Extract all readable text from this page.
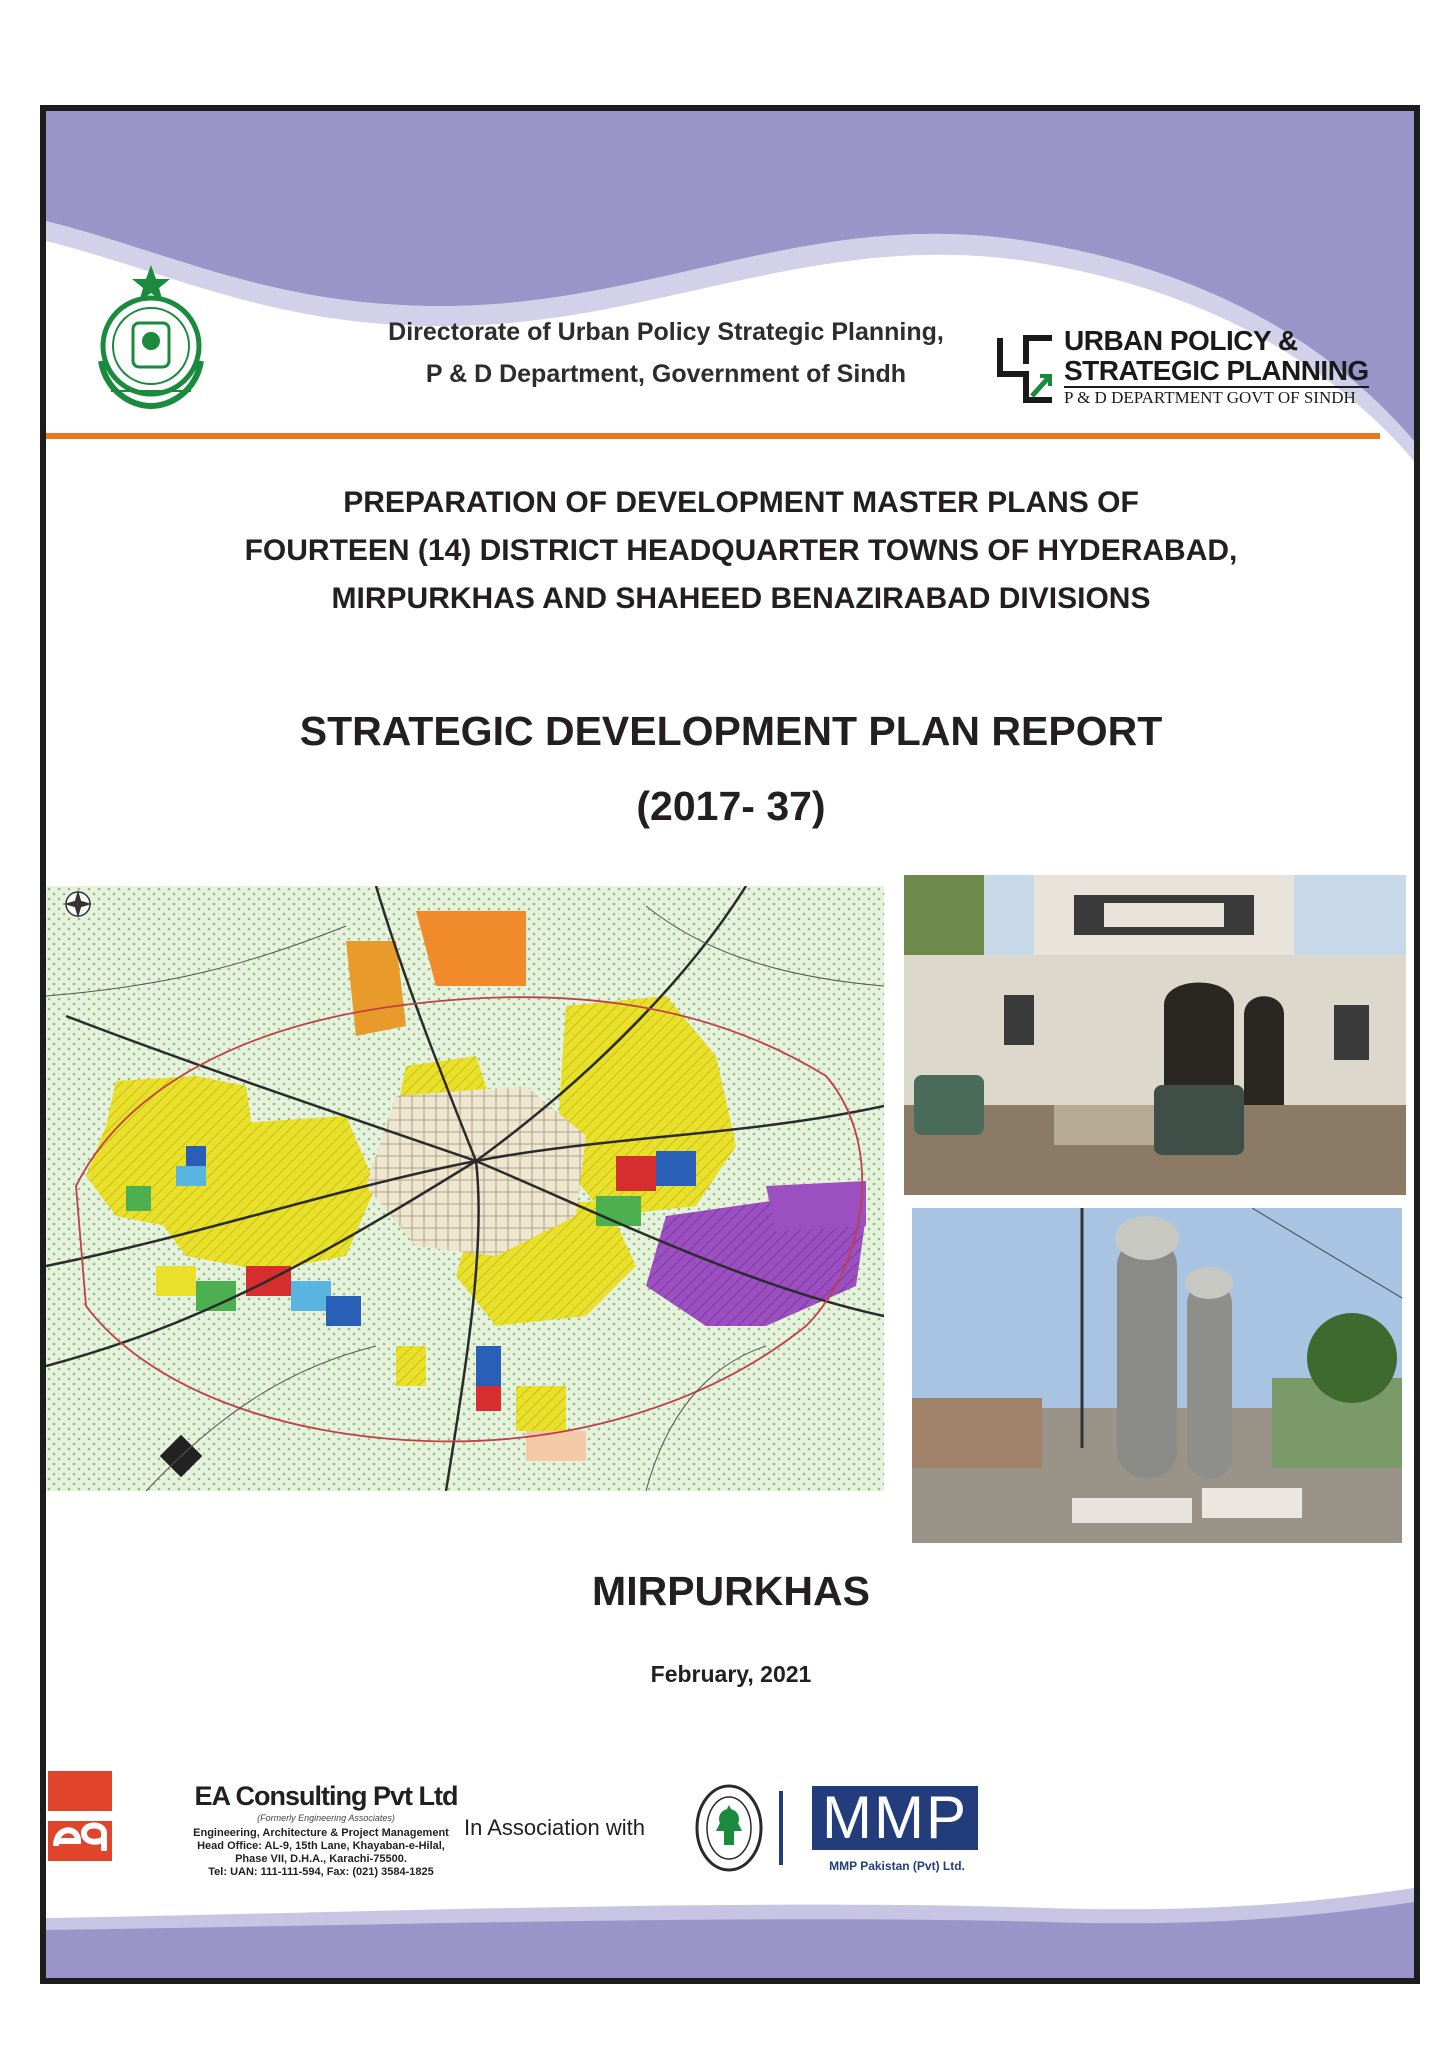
Directorate of Urban Policy Strategic Planning,
P & D Department, Government of Sindh
URBAN POLICY &
STRATEGIC PLANNING
P & D DEPARTMENT GOVT OF SINDH
PREPARATION OF DEVELOPMENT MASTER PLANS OF
FOURTEEN (14) DISTRICT HEADQUARTER TOWNS OF HYDERABAD,
MIRPURKHAS AND SHAHEED BENAZIRABAD DIVISIONS
STRATEGIC DEVELOPMENT PLAN REPORT
(2017- 37)
MIRPURKHAS
February, 2021
EA Consulting Pvt Ltd
(Formerly Engineering Associates)
Engineering, Architecture & Project Management
Head Office: AL-9, 15th Lane, Khayaban-e-Hilal,
Phase VII, D.H.A., Karachi-75500.
Tel: UAN: 111-111-594, Fax: (021) 3584-1825
In Association with	MMP
MMP Pakistan (Pvt) Ltd.
